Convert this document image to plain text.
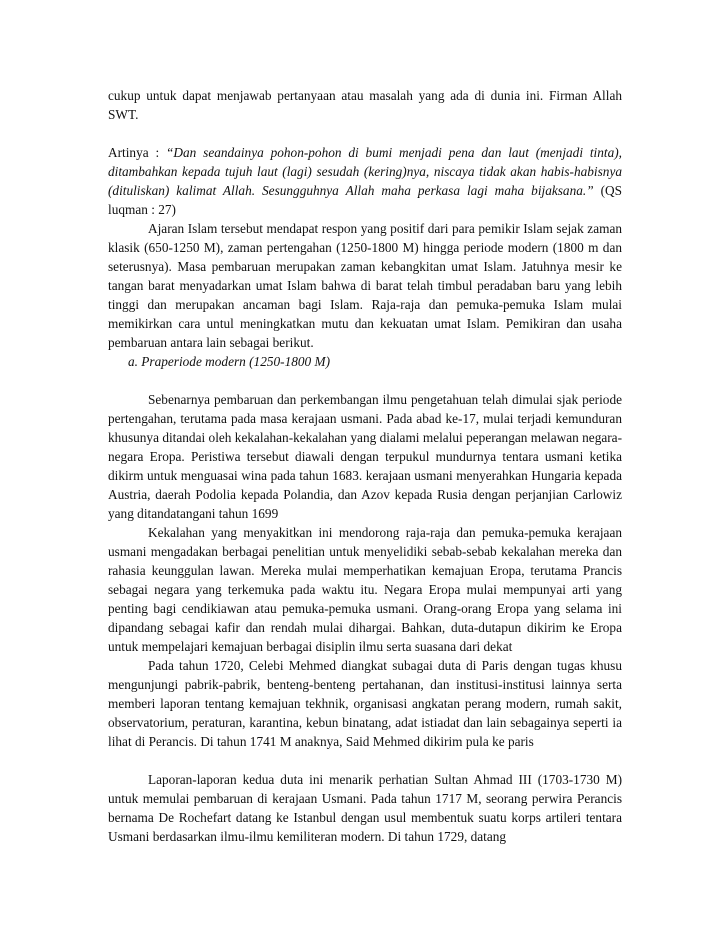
cukup untuk dapat menjawab pertanyaan atau masalah yang ada di dunia ini. Firman Allah SWT.

Artinya : “Dan seandainya pohon-pohon di bumi menjadi pena dan laut (menjadi tinta), ditambahkan kepada tujuh laut (lagi) sesudah (kering)nya, niscaya tidak akan habis-habisnya (dituliskan) kalimat Allah. Sesungguhnya Allah maha perkasa lagi maha bijaksana.” (QS luqman : 27)

Ajaran Islam tersebut mendapat respon yang positif dari para pemikir Islam sejak zaman klasik (650-1250 M), zaman pertengahan (1250-1800 M) hingga periode modern (1800 m dan seterusnya). Masa pembaruan merupakan zaman kebangkitan umat Islam. Jatuhnya mesir ke tangan barat menyadarkan umat Islam bahwa di barat telah timbul peradaban baru yang lebih tinggi dan merupakan ancaman bagi Islam. Raja-raja dan pemuka-pemuka Islam mulai memikirkan cara untul meningkatkan mutu dan kekuatan umat Islam. Pemikiran dan usaha pembaruan antara lain sebagai berikut.

a. Praperiode modern (1250-1800 M)

Sebenarnya pembaruan dan perkembangan ilmu pengetahuan telah dimulai sjak periode pertengahan, terutama pada masa kerajaan usmani. Pada abad ke-17, mulai terjadi kemunduran khusunya ditandai oleh kekalahan-kekalahan yang dialami melalui peperangan melawan negara-negara Eropa. Peristiwa tersebut diawali dengan terpukul mundurnya tentara usmani ketika dikirm untuk menguasai wina pada tahun 1683. kerajaan usmani menyerahkan Hungaria kepada Austria, daerah Podolia kepada Polandia, dan Azov kepada Rusia dengan perjanjian Carlowiz yang ditandatangani tahun 1699

Kekalahan yang menyakitkan ini mendorong raja-raja dan pemuka-pemuka kerajaan usmani mengadakan berbagai penelitian untuk menyelidiki sebab-sebab kekalahan mereka dan rahasia keunggulan lawan. Mereka mulai memperhatikan kemajuan Eropa, terutama Prancis sebagai negara yang terkemuka pada waktu itu. Negara Eropa mulai mempunyai arti yang penting bagi cendikiawan atau pemuka-pemuka usmani. Orang-orang Eropa yang selama ini dipandang sebagai kafir dan rendah mulai dihargai. Bahkan, duta-dutapun dikirim ke Eropa untuk mempelajari kemajuan berbagai disiplin ilmu serta suasana dari dekat

Pada tahun 1720, Celebi Mehmed diangkat subagai duta di Paris dengan tugas khusu mengunjungi pabrik-pabrik, benteng-benteng pertahanan, dan institusi-institusi lainnya serta memberi laporan tentang kemajuan tekhnik, organisasi angkatan perang modern, rumah sakit, observatorium, peraturan, karantina, kebun binatang, adat istiadat dan lain sebagainya seperti ia lihat di Perancis. Di tahun 1741 M anaknya, Said Mehmed dikirim pula ke paris

Laporan-laporan kedua duta ini menarik perhatian Sultan Ahmad III (1703-1730 M) untuk memulai pembaruan di kerajaan Usmani. Pada tahun 1717 M, seorang perwira Perancis bernama De Rochefart datang ke Istanbul dengan usul membentuk suatu korps artileri tentara Usmani berdasarkan ilmu-ilmu kemiliteran modern. Di tahun 1729, datang
